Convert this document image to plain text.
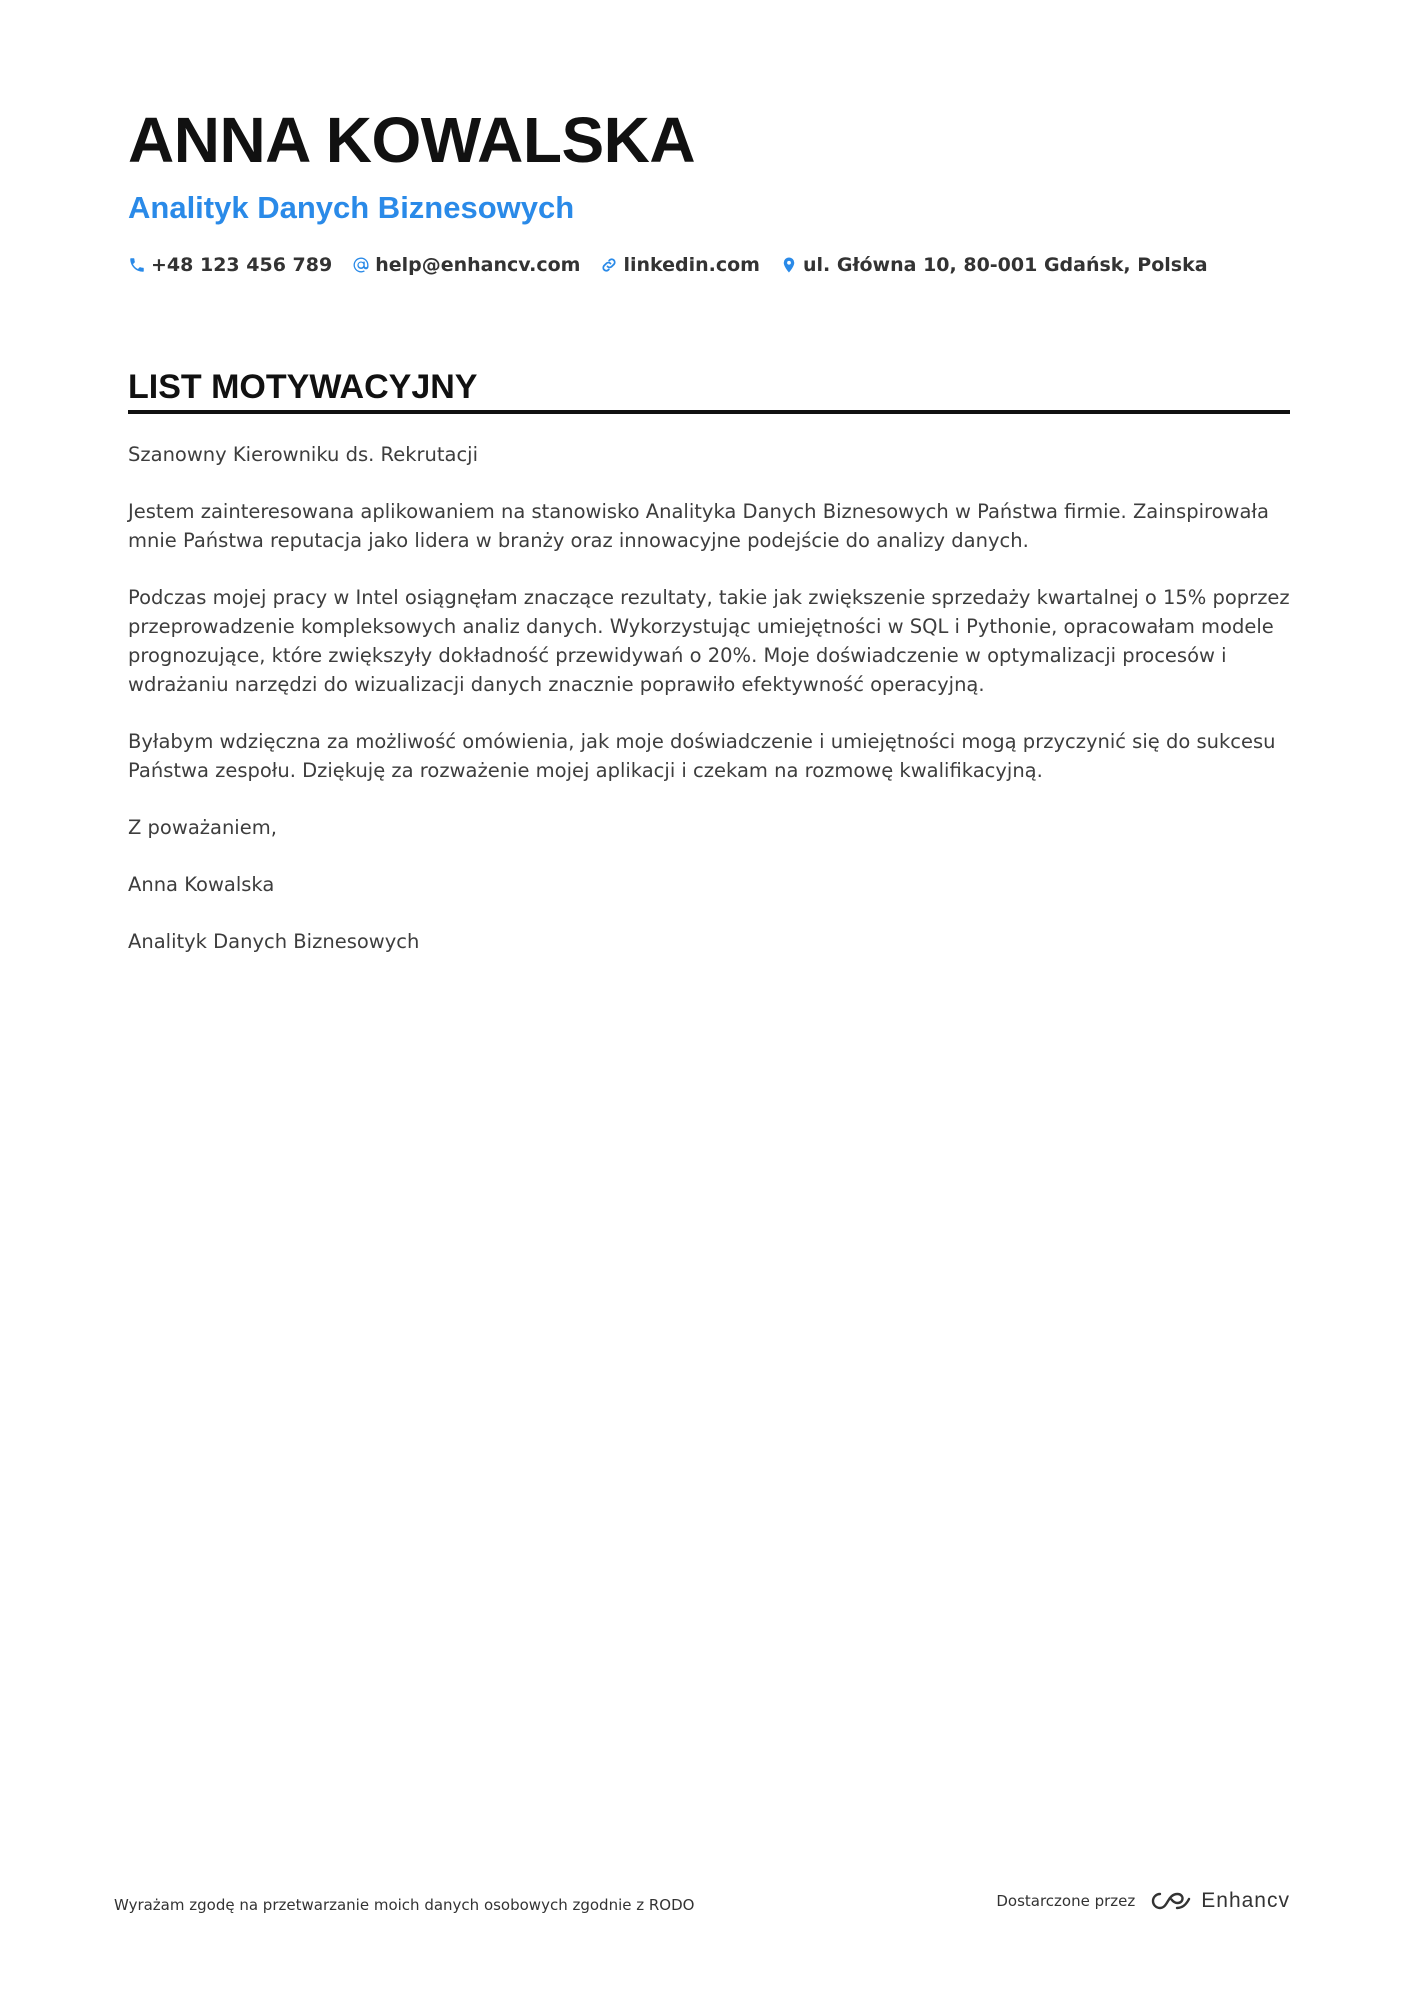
ANNA KOWALSKA
Analityk Danych Biznesowych
+48 123 456 789 help@enhancv.com linkedin.com ul. Główna 10, 80-001 Gdańsk, Polska
LIST MOTYWACYJNY

Szanowny Kierowniku ds. Rekrutacji

Jestem zainteresowana aplikowaniem na stanowisko Analityka Danych Biznesowych w Państwa firmie. Zainspirowała mnie Państwa reputacja jako lidera w branży oraz innowacyjne podejście do analizy danych.

Podczas mojej pracy w Intel osiągnęłam znaczące rezultaty, takie jak zwiększenie sprzedaży kwartalnej o 15% poprzez przeprowadzenie kompleksowych analiz danych. Wykorzystując umiejętności w SQL i Pythonie, opracowałam modele prognozujące, które zwiększyły dokładność przewidywań o 20%. Moje doświadczenie w optymalizacji procesów i wdrażaniu narzędzi do wizualizacji danych znacznie poprawiło efektywność operacyjną.

Byłabym wdzięczna za możliwość omówienia, jak moje doświadczenie i umiejętności mogą przyczynić się do sukcesu Państwa zespołu. Dziękuję za rozważenie mojej aplikacji i czekam na rozmowę kwalifikacyjną.

Z poważaniem,

Anna Kowalska

Analityk Danych Biznesowych

Wyrażam zgodę na przetwarzanie moich danych osobowych zgodnie z RODO	Dostarczone przez	Enhancv
